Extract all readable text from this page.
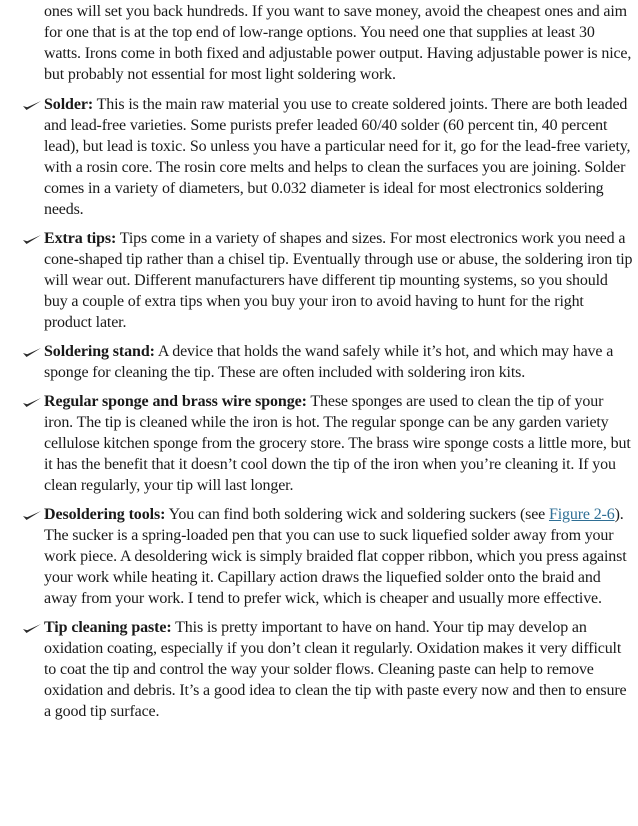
ones will set you back hundreds. If you want to save money, avoid the cheapest ones and aim for one that is at the top end of low-range options. You need one that supplies at least 30 watts. Irons come in both fixed and adjustable power output. Having adjustable power is nice, but probably not essential for most light soldering work.

Solder: This is the main raw material you use to create soldered joints. There are both leaded and lead-free varieties. Some purists prefer leaded 60/40 solder (60 percent tin, 40 percent lead), but lead is toxic. So unless you have a particular need for it, go for the lead-free variety, with a rosin core. The rosin core melts and helps to clean the surfaces you are joining. Solder comes in a variety of diameters, but 0.032 diameter is ideal for most electronics soldering needs.
Extra tips: Tips come in a variety of shapes and sizes. For most electronics work you need a cone-shaped tip rather than a chisel tip. Eventually through use or abuse, the soldering iron tip will wear out. Different manufacturers have different tip mounting systems, so you should buy a couple of extra tips when you buy your iron to avoid having to hunt for the right product later.
Soldering stand: A device that holds the wand safely while it’s hot, and which may have a sponge for cleaning the tip. These are often included with soldering iron kits.
Regular sponge and brass wire sponge: These sponges are used to clean the tip of your iron. The tip is cleaned while the iron is hot. The regular sponge can be any garden variety cellulose kitchen sponge from the grocery store. The brass wire sponge costs a little more, but it has the benefit that it doesn’t cool down the tip of the iron when you’re cleaning it. If you clean regularly, your tip will last longer.
Desoldering tools: You can find both soldering wick and soldering suckers (see Figure 2-6). The sucker is a spring-loaded pen that you can use to suck liquefied solder away from your work piece. A desoldering wick is simply braided flat copper ribbon, which you press against your work while heating it. Capillary action draws the liquefied solder onto the braid and away from your work. I tend to prefer wick, which is cheaper and usually more effective.
Tip cleaning paste: This is pretty important to have on hand. Your tip may develop an oxidation coating, especially if you don’t clean it regularly. Oxidation makes it very difficult to coat the tip and control the way your solder flows. Cleaning paste can help to remove oxidation and debris. It’s a good idea to clean the tip with paste every now and then to ensure a good tip surface.
